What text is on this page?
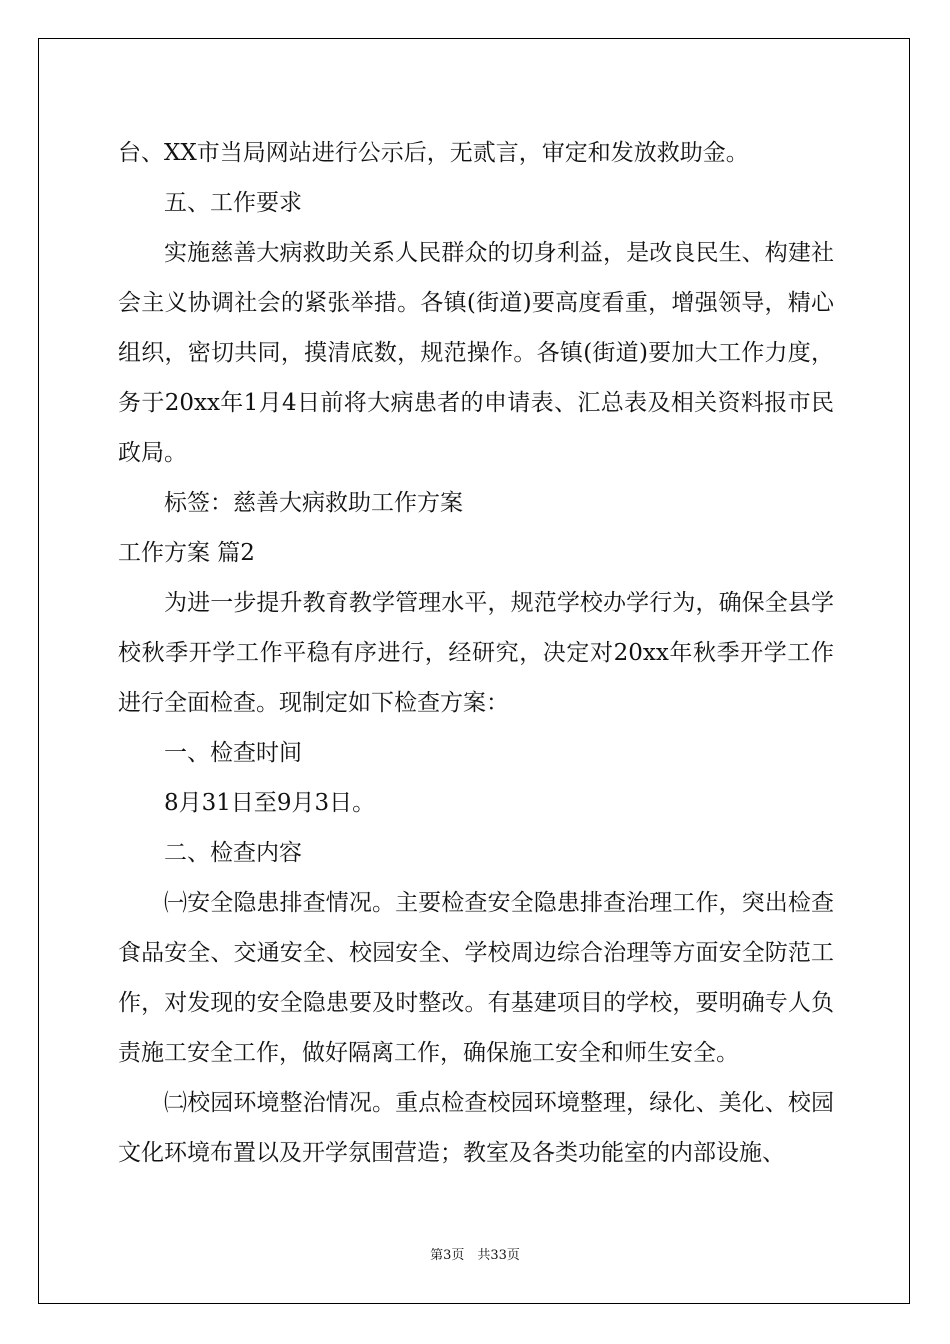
台、XX市当局网站进行公示后，无贰言，审定和发放救助金。

五、工作要求

实施慈善大病救助关系人民群众的切身利益，是改良民生、构建社会主义协调社会的紧张举措。各镇(街道)要高度看重，增强领导，精心组织，密切共同，摸清底数，规范操作。各镇(街道)要加大工作力度，务于20xx年1月4日前将大病患者的申请表、汇总表及相关资料报市民政局。

标签：慈善大病救助工作方案

工作方案 篇2

为进一步提升教育教学管理水平，规范学校办学行为，确保全县学校秋季开学工作平稳有序进行，经研究，决定对20xx年秋季开学工作进行全面检查。现制定如下检查方案：

一、检查时间

8月31日至9月3日。

二、检查内容

㈠安全隐患排查情况。主要检查安全隐患排查治理工作，突出检查食品安全、交通安全、校园安全、学校周边综合治理等方面安全防范工作，对发现的安全隐患要及时整改。有基建项目的学校，要明确专人负责施工安全工作，做好隔离工作，确保施工安全和师生安全。

㈡校园环境整治情况。重点检查校园环境整理，绿化、美化、校园文化环境布置以及开学氛围营造；教室及各类功能室的内部设施、

第3页　共33页
